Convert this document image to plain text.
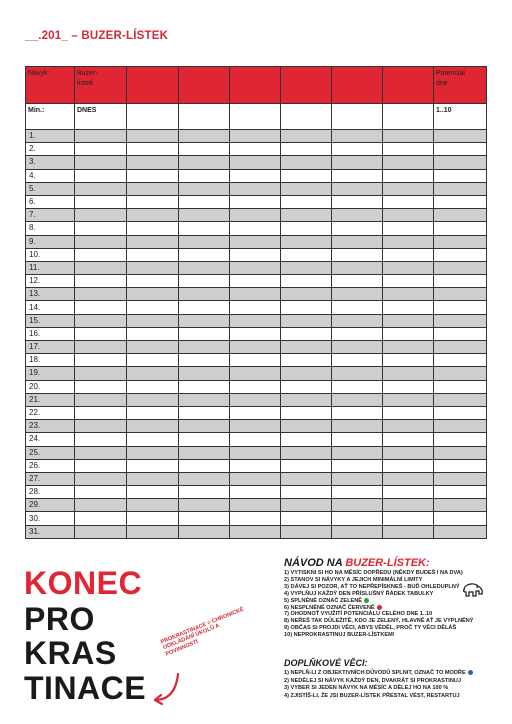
__.201_ – BUZER-LÍSTEK
Návyk:	Buzer-
lístek							Potenciál
dne
Min.:	DNES							1..10
1.								
2.								
3.								
4.								
5.								
6.								
7.								
8.								
9.								
10.								
11.								
12.								
13.								
14.								
15.								
16.								
17.								
18.								
19.								
20.								
21.								
22.								
23.								
24.								
25.								
26.								
27.								
28.								
29.								
30.								
31.								
KONEC
PRO
KRAS
TINACE
PROKRASTINACE = CHRONICKÉ ODKLÁDÁNÍ ÚKOLŮ A POVINNOSTÍ
NÁVOD NA BUZER-LÍSTEK:
1) VYTISKNI SI HO NA MĚSÍC DOPŘEDU (NĚKDY BUDEŠ I NA DVA)
2) STANOV SI NÁVYKY A JEJICH MINIMÁLNÍ LIMITY
3) DÁVEJ SI POZOR, AŤ TO NEPŘEPÍSKNEŠ - BUĎ OHLEDUPLNÝ
4) VYPLŇUJ KAŽDÝ DEN PŘÍSLUŠNÝ ŘÁDEK TABULKY
5) SPLNĚNÉ OZNAČ ZELENĚ
6) NESPLNĚNÉ OZNAČ ČERVENĚ
7) OHODNOŤ VYUŽITÍ POTENCIÁLU CELÉHO DNE 1..10
8) NEŘEŠ TAK DŮLEŽITĚ, KDO JE ZELENÝ, HLAVNĚ AŤ JE VYPLNĚNÝ
9) OBČAS SI PROJDI VĚCI, ABYS VĚDĚL, PROČ TY VĚCI DĚLÁŠ
10) NEPROKRASTINUJ BUZER-LÍSTKEM!
DOPLŇKOVÉ VĚCI:
1) NEPLŇ-LI Z OBJEKTIVNÍCH DŮVODŮ SPLNIT, OZNAČ TO MODŘE
2) NEDĚLEJ SI NÁVYK KAŽDÝ DEN, DVAKRÁT SI PROKRASTINUJ
3) VYBER SI JEDEN NÁVYK NA MĚSÍC A DĚLEJ HO NA 100 %
4) ZJISTÍŠ-LI, ŽE JSI BUZER-LÍSTEK PŘESTAL VÉST, RESTARTUJ
